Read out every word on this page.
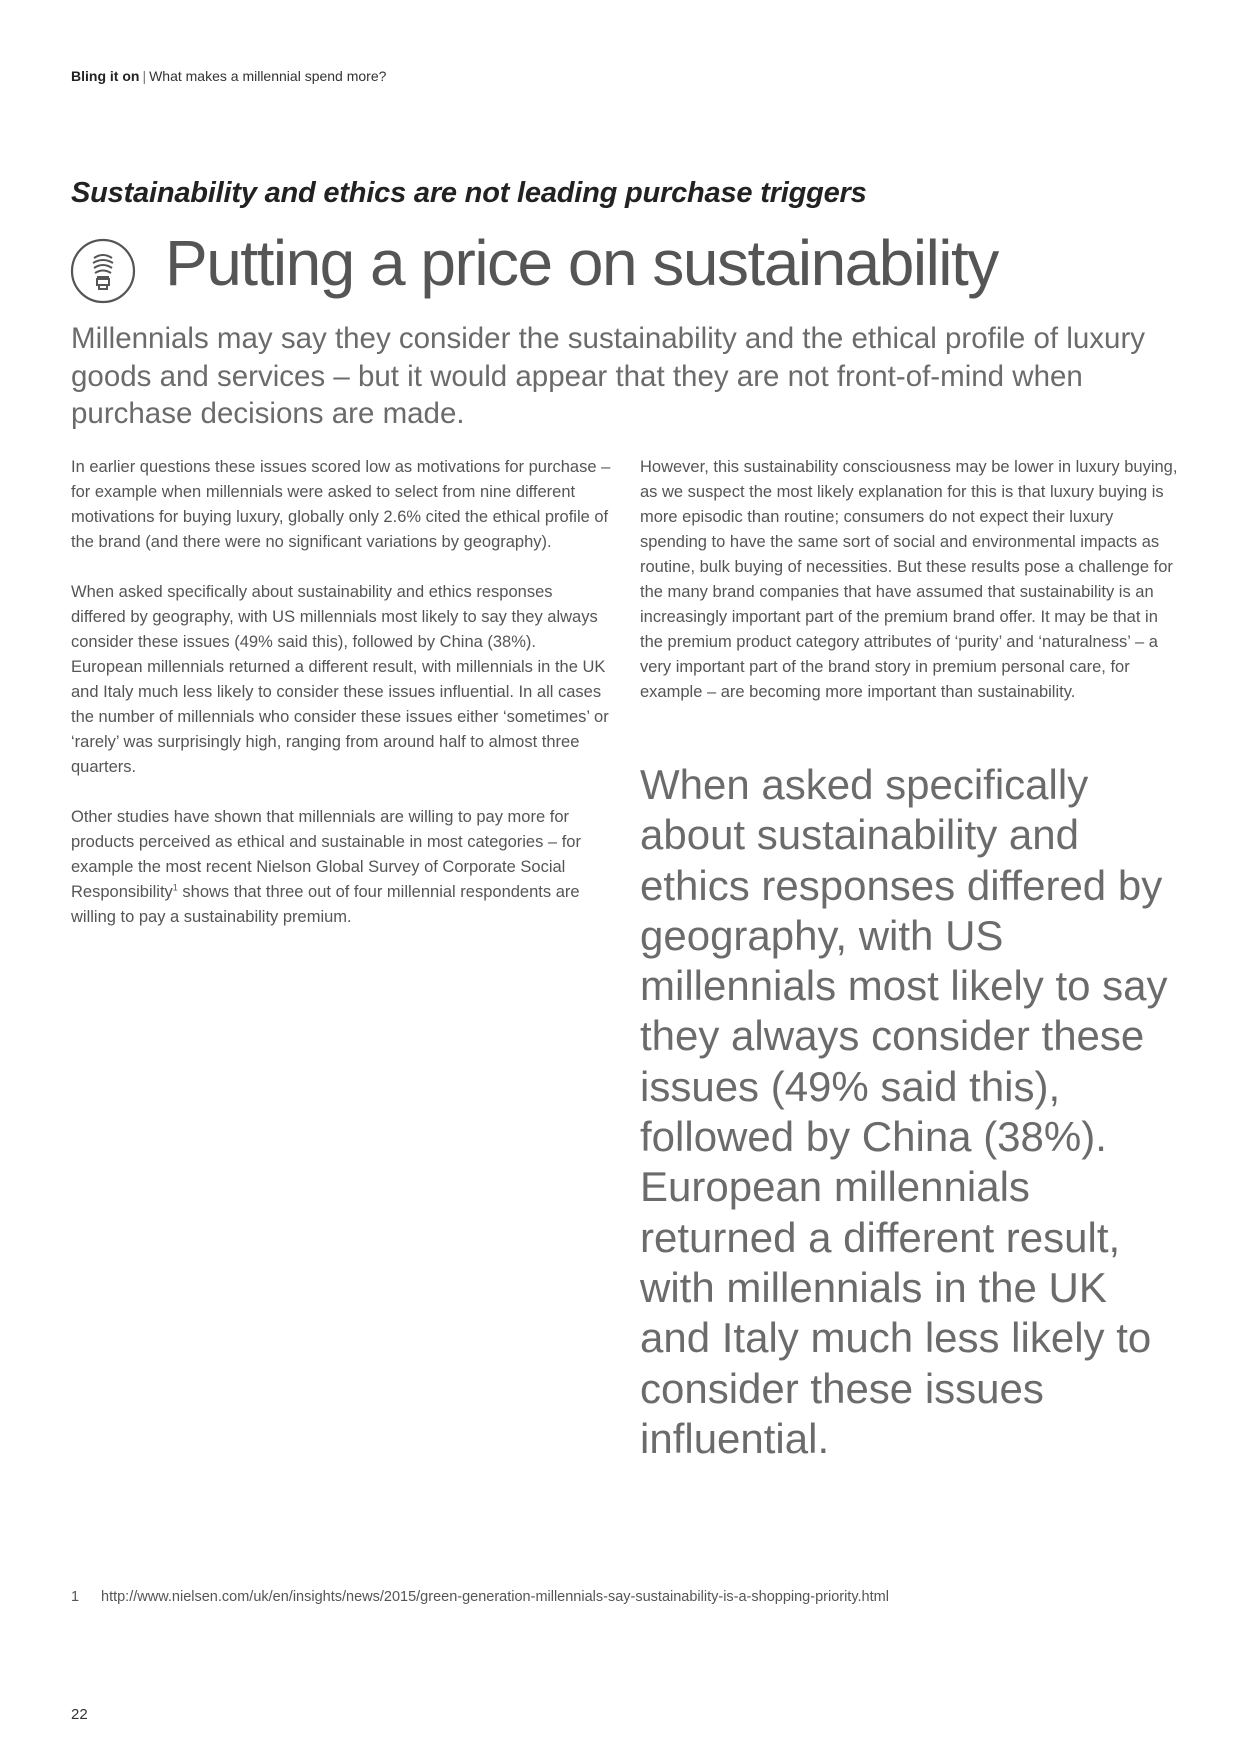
Bling it on | What makes a millennial spend more?
Sustainability and ethics are not leading purchase triggers
Putting a price on sustainability

Millennials may say they consider the sustainability and the ethical profile of luxury goods and services – but it would appear that they are not front-of-mind when purchase decisions are made.

In earlier questions these issues scored low as motivations for purchase – for example when millennials were asked to select from nine different motivations for buying luxury, globally only 2.6% cited the ethical profile of the brand (and there were no significant variations by geography).

When asked specifically about sustainability and ethics responses differed by geography, with US millennials most likely to say they always consider these issues (49% said this), followed by China (38%). European millennials returned a different result, with millennials in the UK and Italy much less likely to consider these issues influential. In all cases the number of millennials who consider these issues either ‘sometimes’ or ‘rarely’ was surprisingly high, ranging from around half to almost three quarters.

Other studies have shown that millennials are willing to pay more for products perceived as ethical and sustainable in most categories – for example the most recent Nielson Global Survey of Corporate Social Responsibility$^1$ shows that three out of four millennial respondents are willing to pay a sustainability premium.

However, this sustainability consciousness may be lower in luxury buying, as we suspect the most likely explanation for this is that luxury buying is more episodic than routine; consumers do not expect their luxury spending to have the same sort of social and environmental impacts as routine, bulk buying of necessities. But these results pose a challenge for the many brand companies that have assumed that sustainability is an increasingly important part of the premium brand offer. It may be that in the premium product category attributes of ‘purity’ and ‘naturalness’ – a very important part of the brand story in premium personal care, for example – are becoming more important than sustainability.

When asked specifically about sustainability and ethics responses differed by geography, with US millennials most likely to say they always consider these issues (49% said this), followed by China (38%). European millennials returned a different result, with millennials in the UK and Italy much less likely to consider these issues influential.

1 http://www.nielsen.com/uk/en/insights/news/2015/green-generation-millennials-say-sustainability-is-a-shopping-priority.html
22
